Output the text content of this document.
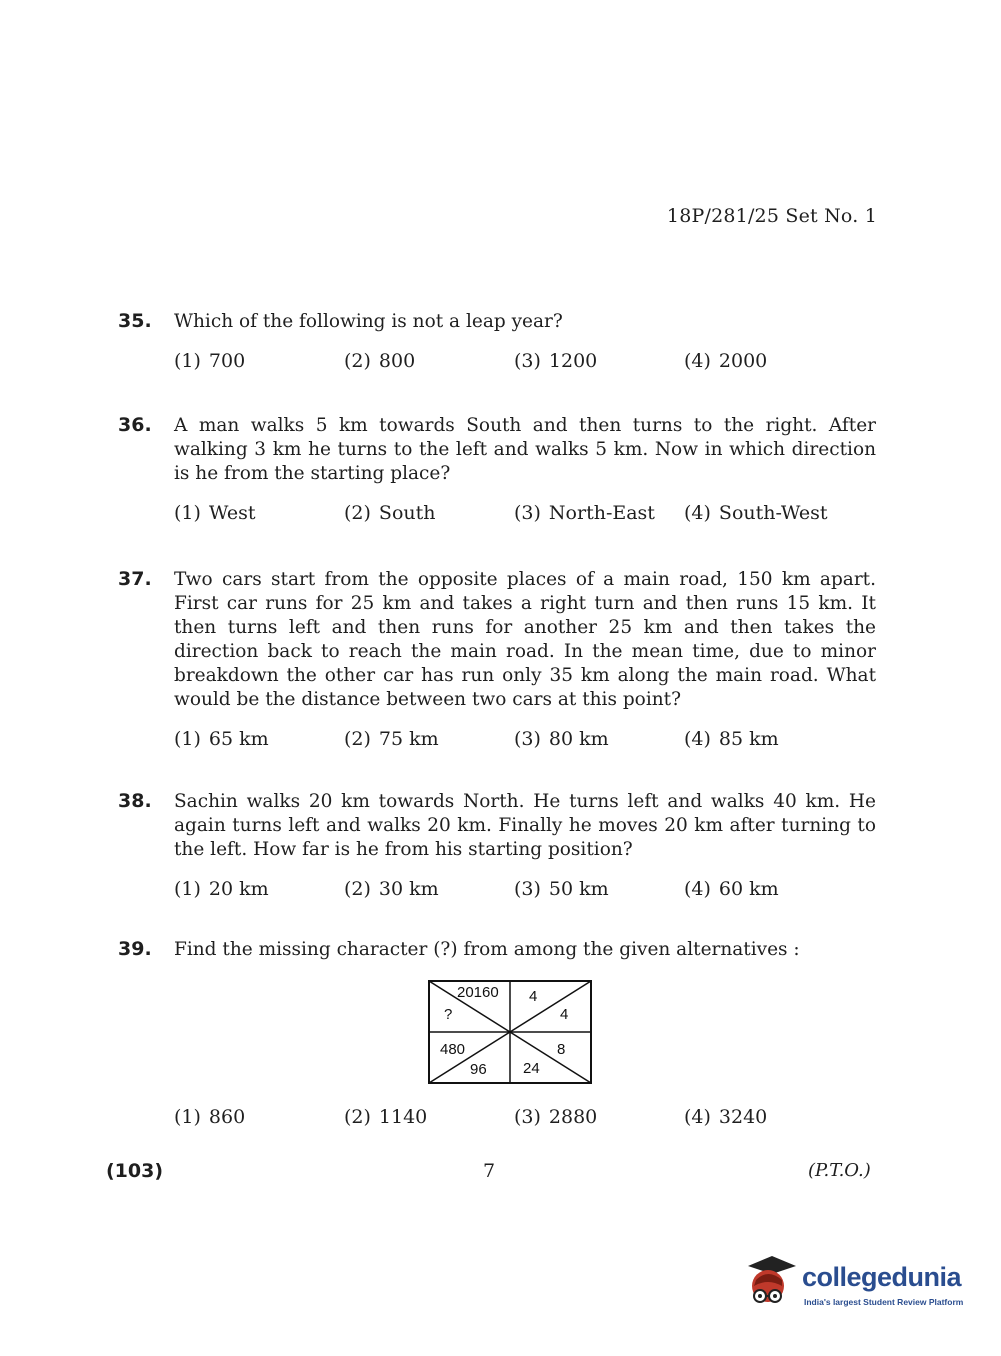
18P/281/25 Set No. 1
35. Which of the following is not a leap year?
(1) 700	(2) 800	(3) 1200	(4) 2000
36. A man walks 5 km towards South and then turns to the right. After walking 3 km he turns to the left and walks 5 km. Now in which direction is he from the starting place?
(1) West	(2) South	(3) North-East (4) South-West
37. Two cars start from the opposite places of a main road, 150 km apart. First car runs for 25 km and takes a right turn and then runs 15 km. It then turns left and then runs for another 25 km and then takes the direction back to reach the main road. In the mean time, due to minor breakdown the other car has run only 35 km along the main road. What would be the distance between two cars at this point?
(1) 65 km	(2) 75 km	(3) 80 km	(4) 85 km
38. Sachin walks 20 km towards North. He turns left and walks 40 km. He again turns left and walks 20 km. Finally he moves 20 km after turning to the left. How far is he from his starting position?
(1) 20 km	(2) 30 km	(3) 50 km	(4) 60 km
39. Find the missing character (?) from among the given alternatives :
20160 4
?	4
480	8
96 24
(1) 860	(2) 1140	(3) 2880	(4) 3240
(103)	7	(P.T.O.)
collegedunia
India's largest Student Review Platform
